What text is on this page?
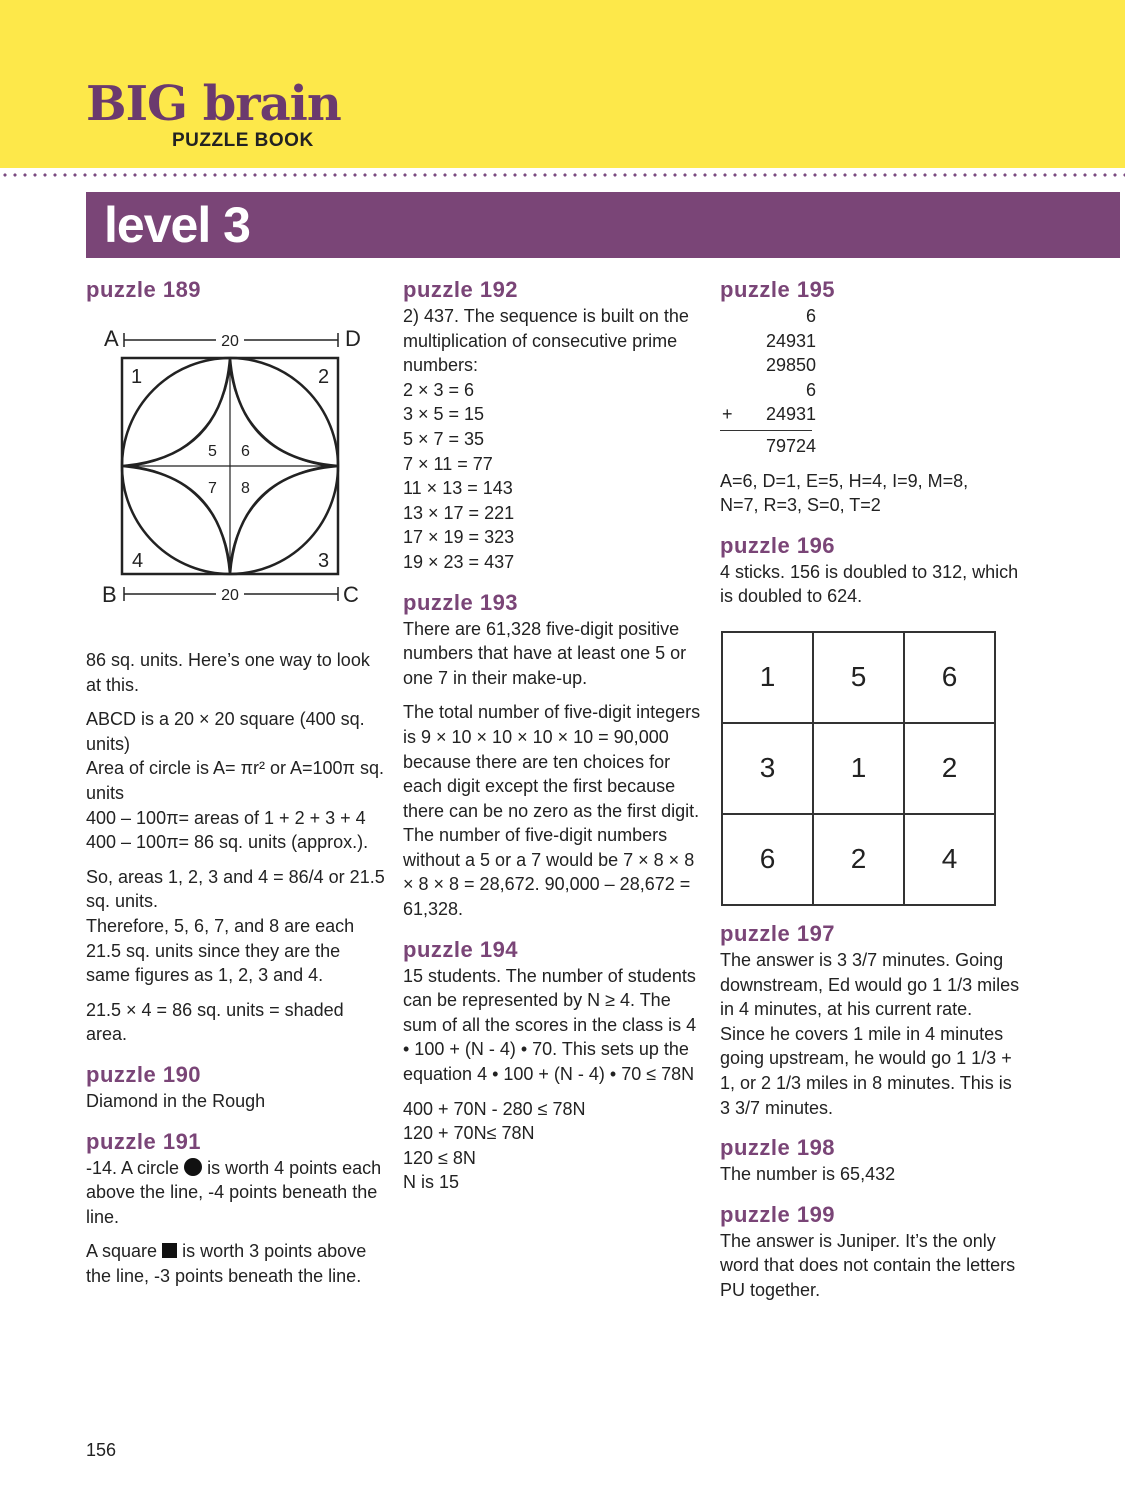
BIG brain
PUZZLE BOOK
level 3
puzzle 189
20
A	D
20
B	C
1	2
3
4
5 6
7 8

86 sq. units. Here’s one way to look at this.

ABCD is a 20 × 20 square (400 sq. units)

Area of circle is A= πr² or A=100π sq. units

400 – 100π= areas of 1 + 2 + 3 + 4

400 – 100π= 86 sq. units (approx.).

So, areas 1, 2, 3 and 4 = 86/4 or 21.5 sq. units.

Therefore, 5, 6, 7, and 8 are each 21.5 sq. units since they are the same figures as 1, 2, 3 and 4.

21.5 × 4 = 86 sq. units = shaded area.

puzzle 190

Diamond in the Rough

puzzle 191

-14. A circle is worth 4 points each above the line, -4 points beneath the line.

A square is worth 3 points above the line, -3 points beneath the line.

puzzle 192

2) 437. The sequence is built on the multiplication of consecutive prime numbers:

2 × 3 = 6

3 × 5 = 15

5 × 7 = 35

7 × 11 = 77

11 × 13 = 143

13 × 17 = 221

17 × 19 = 323

19 × 23 = 437

puzzle 193

There are 61,328 five-digit positive numbers that have at least one 5 or one 7 in their make-up.

The total number of five-digit integers is 9 × 10 × 10 × 10 × 10 = 90,000 because there are ten choices for each digit except the first because there can be no zero as the first digit. The number of five-digit numbers without a 5 or a 7 would be 7 × 8 × 8 × 8 × 8 = 28,672. 90,000 – 28,672 = 61,328.

puzzle 194

15 students. The number of students can be represented by N ≥ 4. The sum of all the scores in the class is 4 • 100 + (N - 4) • 70. This sets up the equation 4 • 100 + (N - 4) • 70 ≤ 78N

400 + 70N - 280 ≤ 78N

120 + 70N≤ 78N

120 ≤ 8N

N is 15

puzzle 195
6
24931
29850
6
+ 24931
79724

A=6, D=1, E=5, H=4, I=9, M=8,

N=7, R=3, S=0, T=2

puzzle 196

4 sticks. 156 is doubled to 312, which is doubled to 624.

1	5	6
3	1	2
6	2	4
puzzle 197

The answer is 3 3/7 minutes. Going downstream, Ed would go 1 1/3 miles in 4 minutes, at his current rate. Since he covers 1 mile in 4 minutes going upstream, he would go 1 1/3 + 1, or 2 1/3 miles in 8 minutes. This is 3 3/7 minutes.

puzzle 198

The number is 65,432

puzzle 199

The answer is Juniper. It’s the only word that does not contain the letters PU together.

156
